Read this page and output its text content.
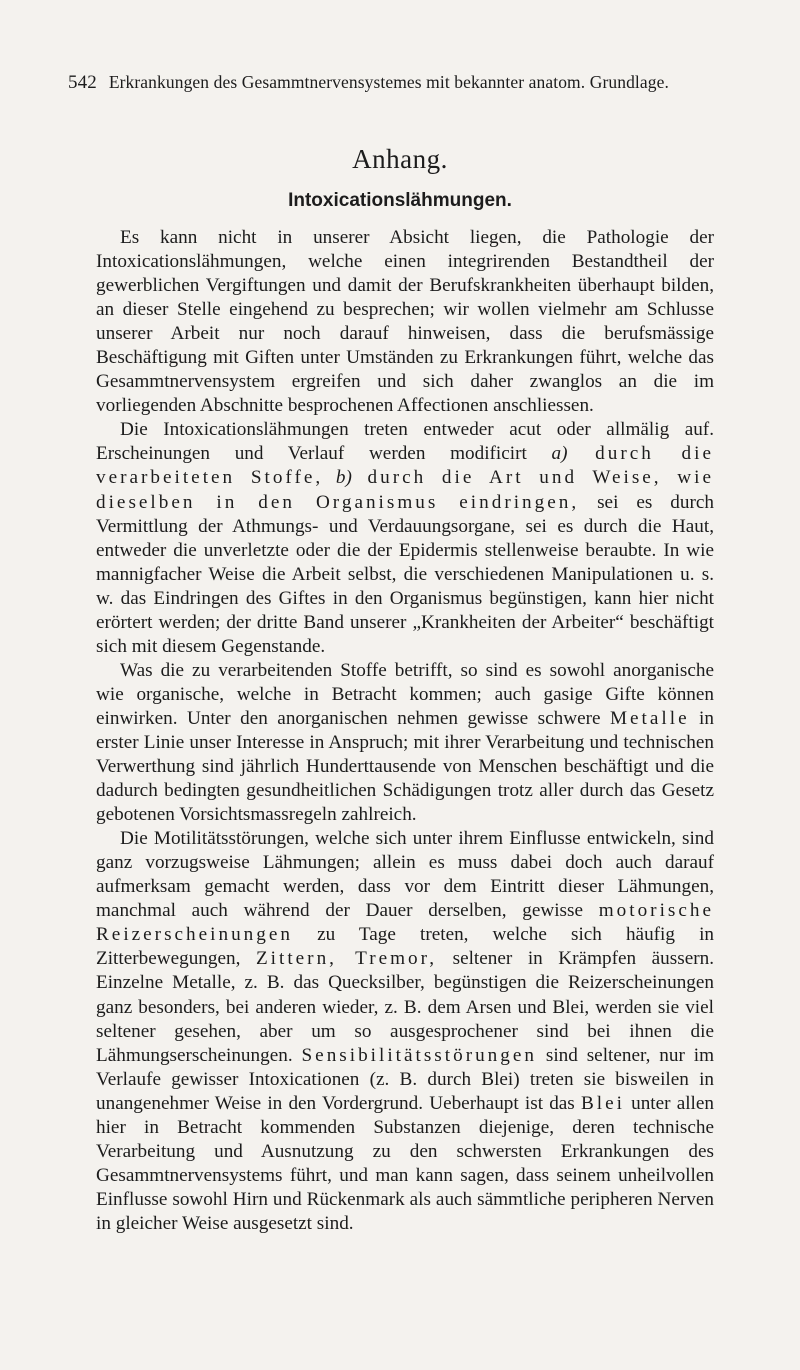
542 Erkrankungen des Gesammtnervensystemes mit bekannter anatom. Grundlage.
Anhang.
Intoxicationslähmungen.

Es kann nicht in unserer Absicht liegen, die Pathologie der Intoxicationslähmungen, welche einen integrirenden Bestandtheil der gewerblichen Vergiftungen und damit der Berufskrankheiten überhaupt bilden, an dieser Stelle eingehend zu besprechen; wir wollen vielmehr am Schlusse unserer Arbeit nur noch darauf hinweisen, dass die berufsmässige Beschäftigung mit Giften unter Umständen zu Erkrankungen führt, welche das Gesammtnervensystem ergreifen und sich daher zwanglos an die im vorliegenden Abschnitte besprochenen Affectionen anschliessen.

Die Intoxicationslähmungen treten entweder acut oder allmälig auf. Erscheinungen und Verlauf werden modificirt a) durch die verarbeiteten Stoffe, b) durch die Art und Weise, wie dieselben in den Organismus eindringen, sei es durch Vermittlung der Athmungs- und Verdauungsorgane, sei es durch die Haut, entweder die unverletzte oder die der Epidermis stellenweise beraubte. In wie mannigfacher Weise die Arbeit selbst, die verschiedenen Manipulationen u. s. w. das Eindringen des Giftes in den Organismus begünstigen, kann hier nicht erörtert werden; der dritte Band unserer „Krankheiten der Arbeiter“ beschäftigt sich mit diesem Gegenstande.

Was die zu verarbeitenden Stoffe betrifft, so sind es sowohl anorganische wie organische, welche in Betracht kommen; auch gasige Gifte können einwirken. Unter den anorganischen nehmen gewisse schwere Metalle in erster Linie unser Interesse in Anspruch; mit ihrer Verarbeitung und technischen Verwerthung sind jährlich Hunderttausende von Menschen beschäftigt und die dadurch bedingten gesundheitlichen Schädigungen trotz aller durch das Gesetz gebotenen Vorsichtsmassregeln zahlreich.

Die Motilitätsstörungen, welche sich unter ihrem Einflusse entwickeln, sind ganz vorzugsweise Lähmungen; allein es muss dabei doch auch darauf aufmerksam gemacht werden, dass vor dem Eintritt dieser Lähmungen, manchmal auch während der Dauer derselben, gewisse motorische Reizerscheinungen zu Tage treten, welche sich häufig in Zitterbewegungen, Zittern, Tremor, seltener in Krämpfen äussern. Einzelne Metalle, z. B. das Quecksilber, begünstigen die Reizerscheinungen ganz besonders, bei anderen wieder, z. B. dem Arsen und Blei, werden sie viel seltener gesehen, aber um so ausgesprochener sind bei ihnen die Lähmungserscheinungen. Sensibilitätsstörungen sind seltener, nur im Verlaufe gewisser Intoxicationen (z. B. durch Blei) treten sie bisweilen in unangenehmer Weise in den Vordergrund. Ueberhaupt ist das Blei unter allen hier in Betracht kommenden Substanzen diejenige, deren technische Verarbeitung und Ausnutzung zu den schwersten Erkrankungen des Gesammtnervensystems führt, und man kann sagen, dass seinem unheilvollen Einflusse sowohl Hirn und Rückenmark als auch sämmtliche peripheren Nerven in gleicher Weise ausgesetzt sind.
